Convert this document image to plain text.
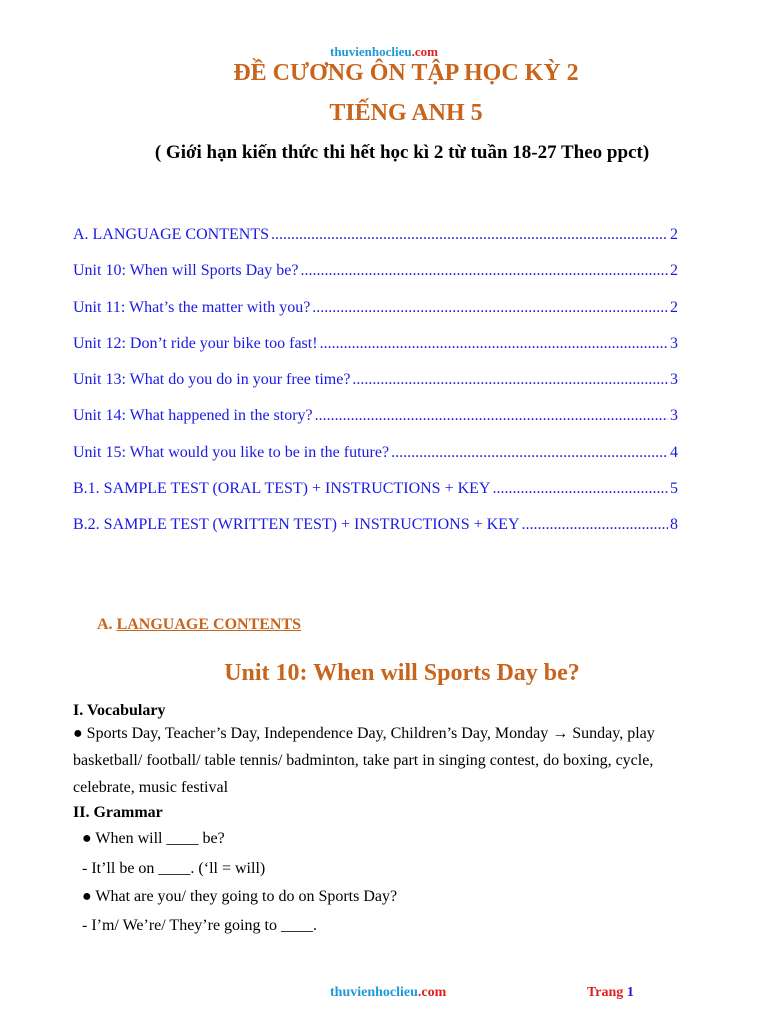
thuvienhoclieu.com
ĐỀ CƯƠNG ÔN TẬP HỌC KỲ 2
TIẾNG ANH 5
( Giới hạn kiến thức thi hết học kì 2 từ tuần 18-27 Theo ppct)
A. LANGUAGE CONTENTS .....	2
Unit 10: When will Sports Day be? .....	2
Unit 11: What’s the matter with you? .....	2
Unit 12: Don’t ride your bike too fast! .....	3
Unit 13: What do you do in your free time? .....	3
Unit 14: What happened in the story? .....	3
Unit 15: What would you like to be in the future? .....	4
B.1. SAMPLE TEST (ORAL TEST) + INSTRUCTIONS + KEY .....	5
B.2. SAMPLE TEST (WRITTEN TEST) + INSTRUCTIONS + KEY .....	8
A. LANGUAGE CONTENTS
Unit 10: When will Sports Day be?
I. Vocabulary
● Sports Day, Teacher’s Day, Independence Day, Children’s Day, Monday → Sunday, play basketball/ football/ table tennis/ badminton, take part in singing contest, do boxing, cycle, celebrate, music festival
II. Grammar
● When will ____ be?
- It’ll be on ____. (‘ll = will)
● What are you/ they going to do on Sports Day?
- I’m/ We’re/ They’re going to ____.
thuvienhoclieu.com	Trang 1
